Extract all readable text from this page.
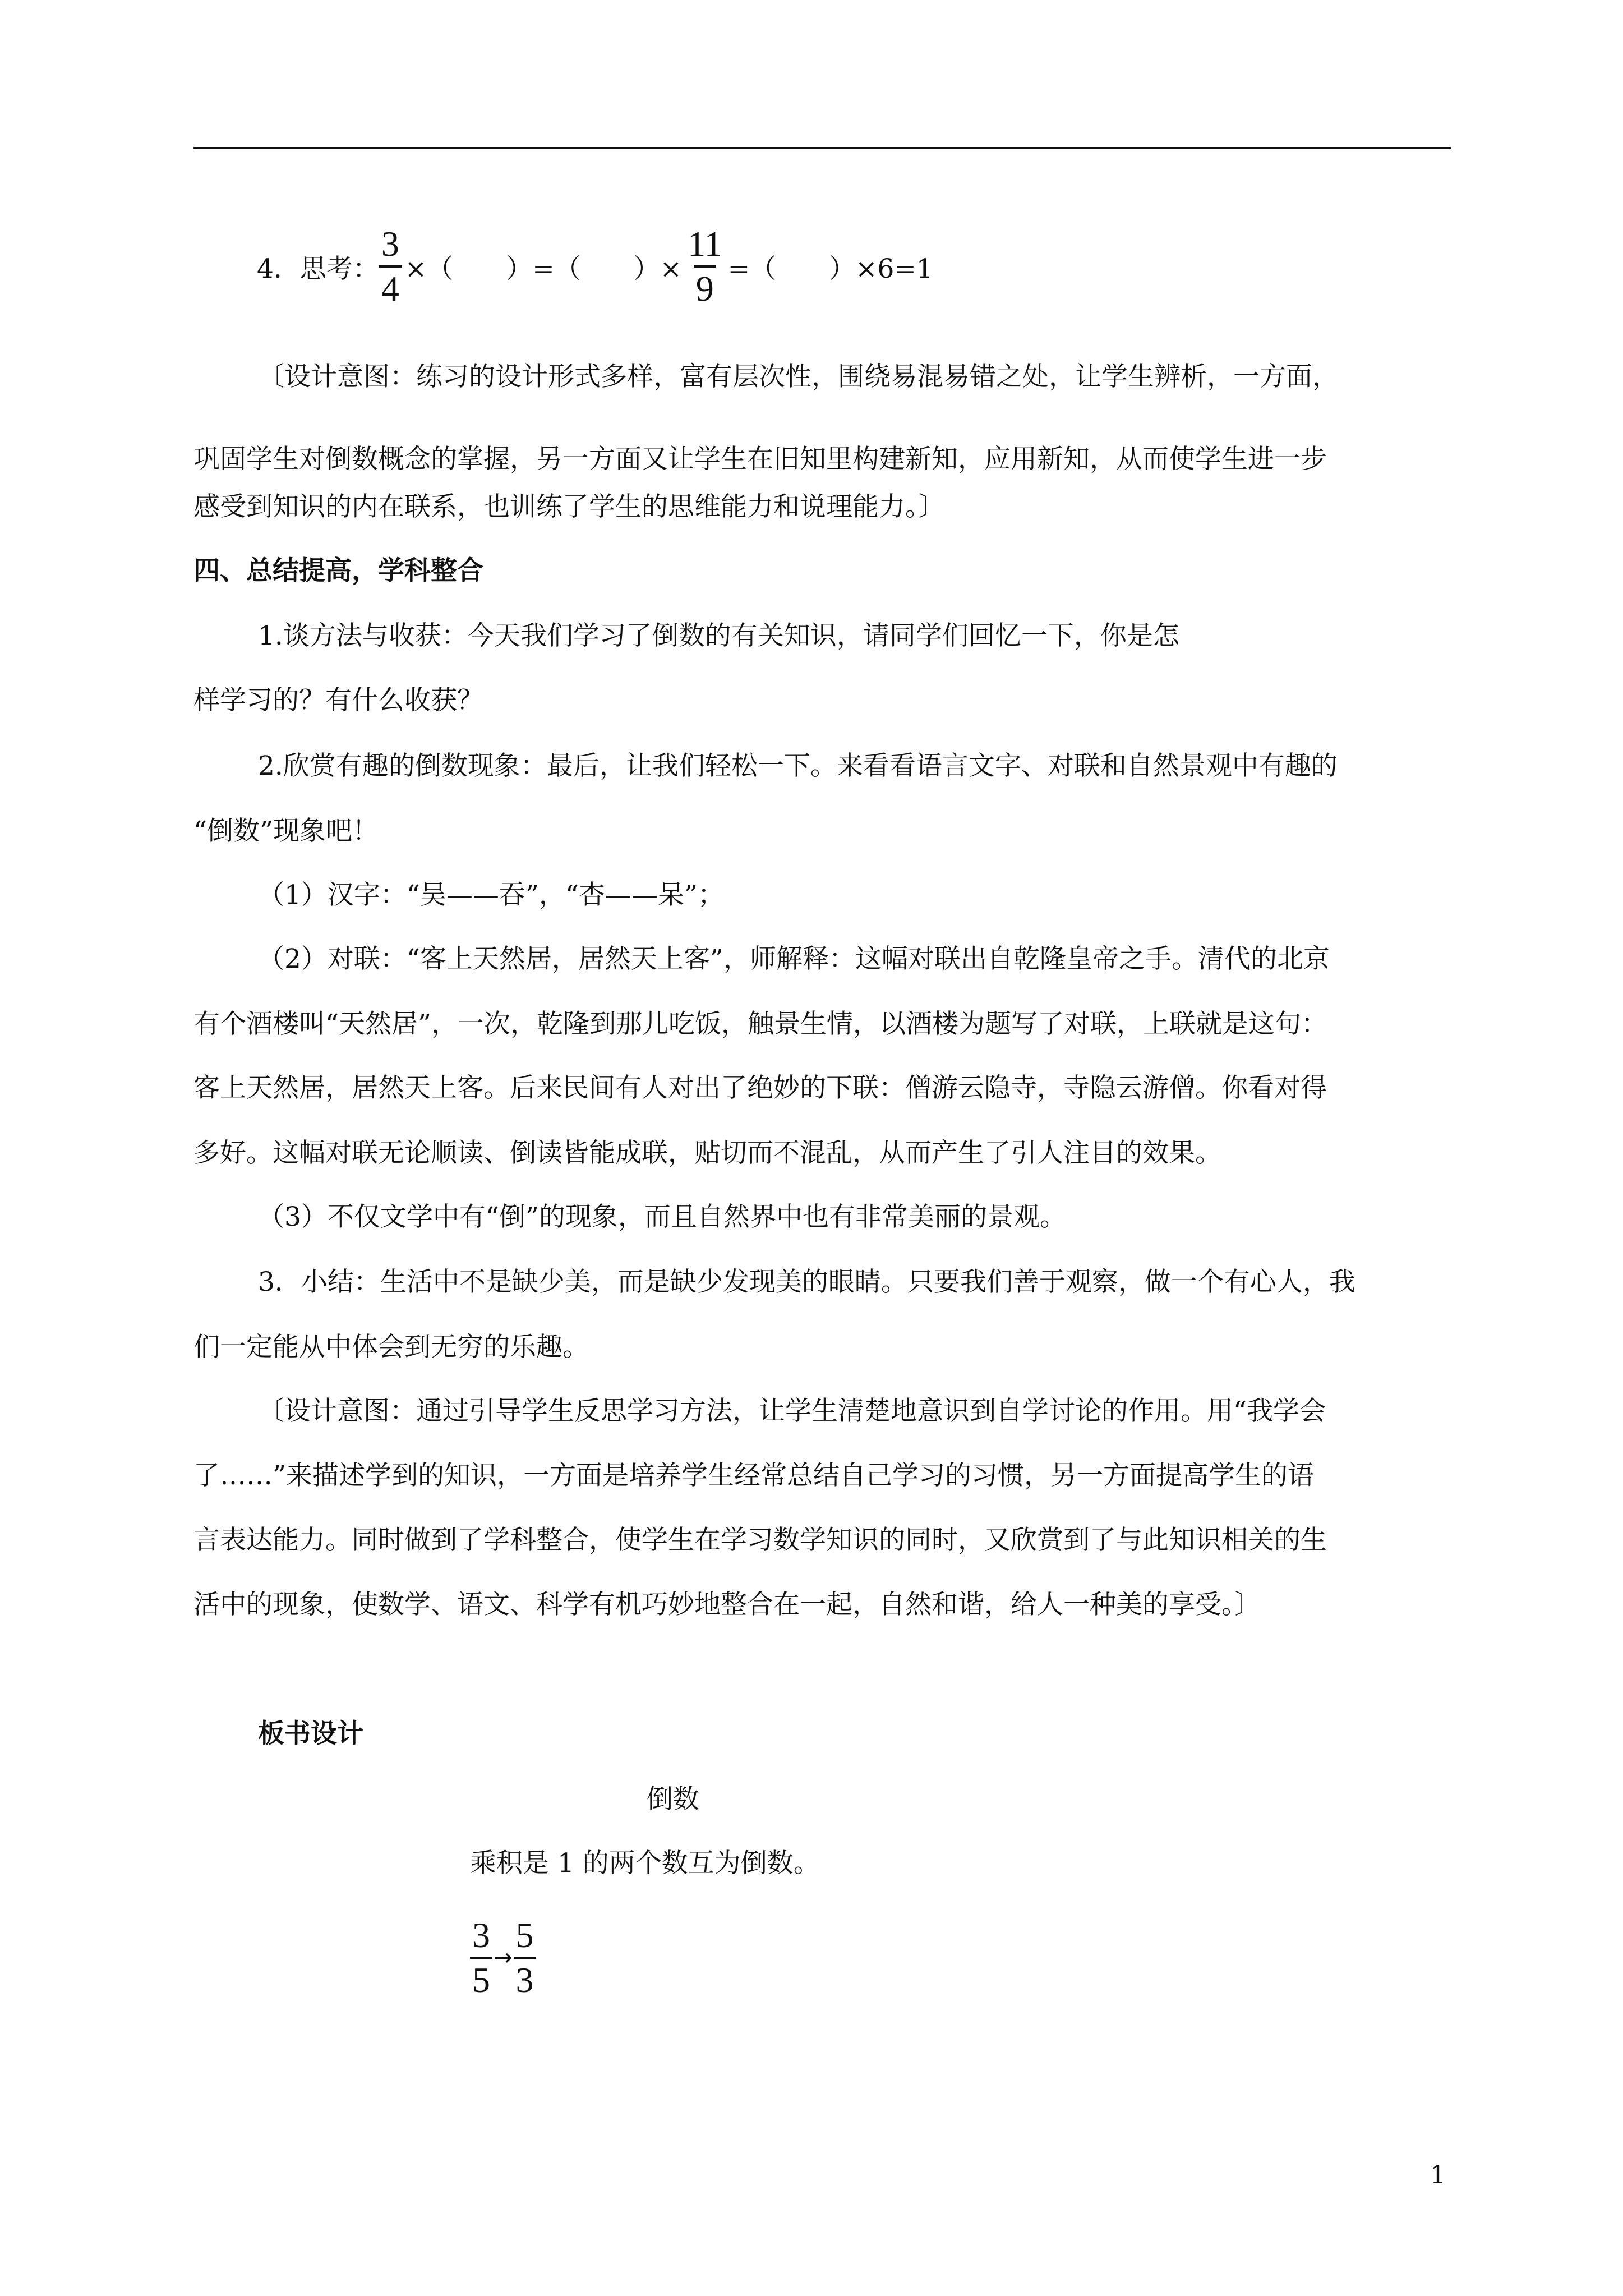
4．思考： $\frac{3}{4}$ ×（　　）=（　　）× $\frac{11}{9}$ =（　　）×6=1
〔设计意图：练习的设计形式多样，富有层次性，围绕易混易错之处，让学生辨析，一方面，
巩固学生对倒数概念的掌握，另一方面又让学生在旧知里构建新知，应用新知，从而使学生进一步
感受到知识的内在联系，也训练了学生的思维能力和说理能力。〕
四、总结提高，学科整合
1.谈方法与收获：今天我们学习了倒数的有关知识，请同学们回忆一下，你是怎
样学习的？有什么收获？
2.欣赏有趣的倒数现象：最后，让我们轻松一下。来看看语言文字、对联和自然景观中有趣的
“倒数”现象吧！
（1）汉字：“吴——吞”，“杏——呆”；
（2）对联：“客上天然居，居然天上客”，师解释：这幅对联出自乾隆皇帝之手。清代的北京
有个酒楼叫“天然居”，一次，乾隆到那儿吃饭，触景生情，以酒楼为题写了对联，上联就是这句：
客上天然居，居然天上客。后来民间有人对出了绝妙的下联：僧游云隐寺，寺隐云游僧。你看对得
多好。这幅对联无论顺读、倒读皆能成联，贴切而不混乱，从而产生了引人注目的效果。
（3）不仅文学中有“倒”的现象，而且自然界中也有非常美丽的景观。
3．小结：生活中不是缺少美，而是缺少发现美的眼睛。只要我们善于观察，做一个有心人，我
们一定能从中体会到无穷的乐趣。
〔设计意图：通过引导学生反思学习方法，让学生清楚地意识到自学讨论的作用。用“我学会
了……”来描述学到的知识，一方面是培养学生经常总结自己学习的习惯，另一方面提高学生的语
言表达能力。同时做到了学科整合，使学生在学习数学知识的同时，又欣赏到了与此知识相关的生
活中的现象，使数学、语文、科学有机巧妙地整合在一起，自然和谐，给人一种美的享受。〕
板书设计
倒数
乘积是 1 的两个数互为倒数。
$\frac{3}{5} \to \frac{5}{3}$
1
